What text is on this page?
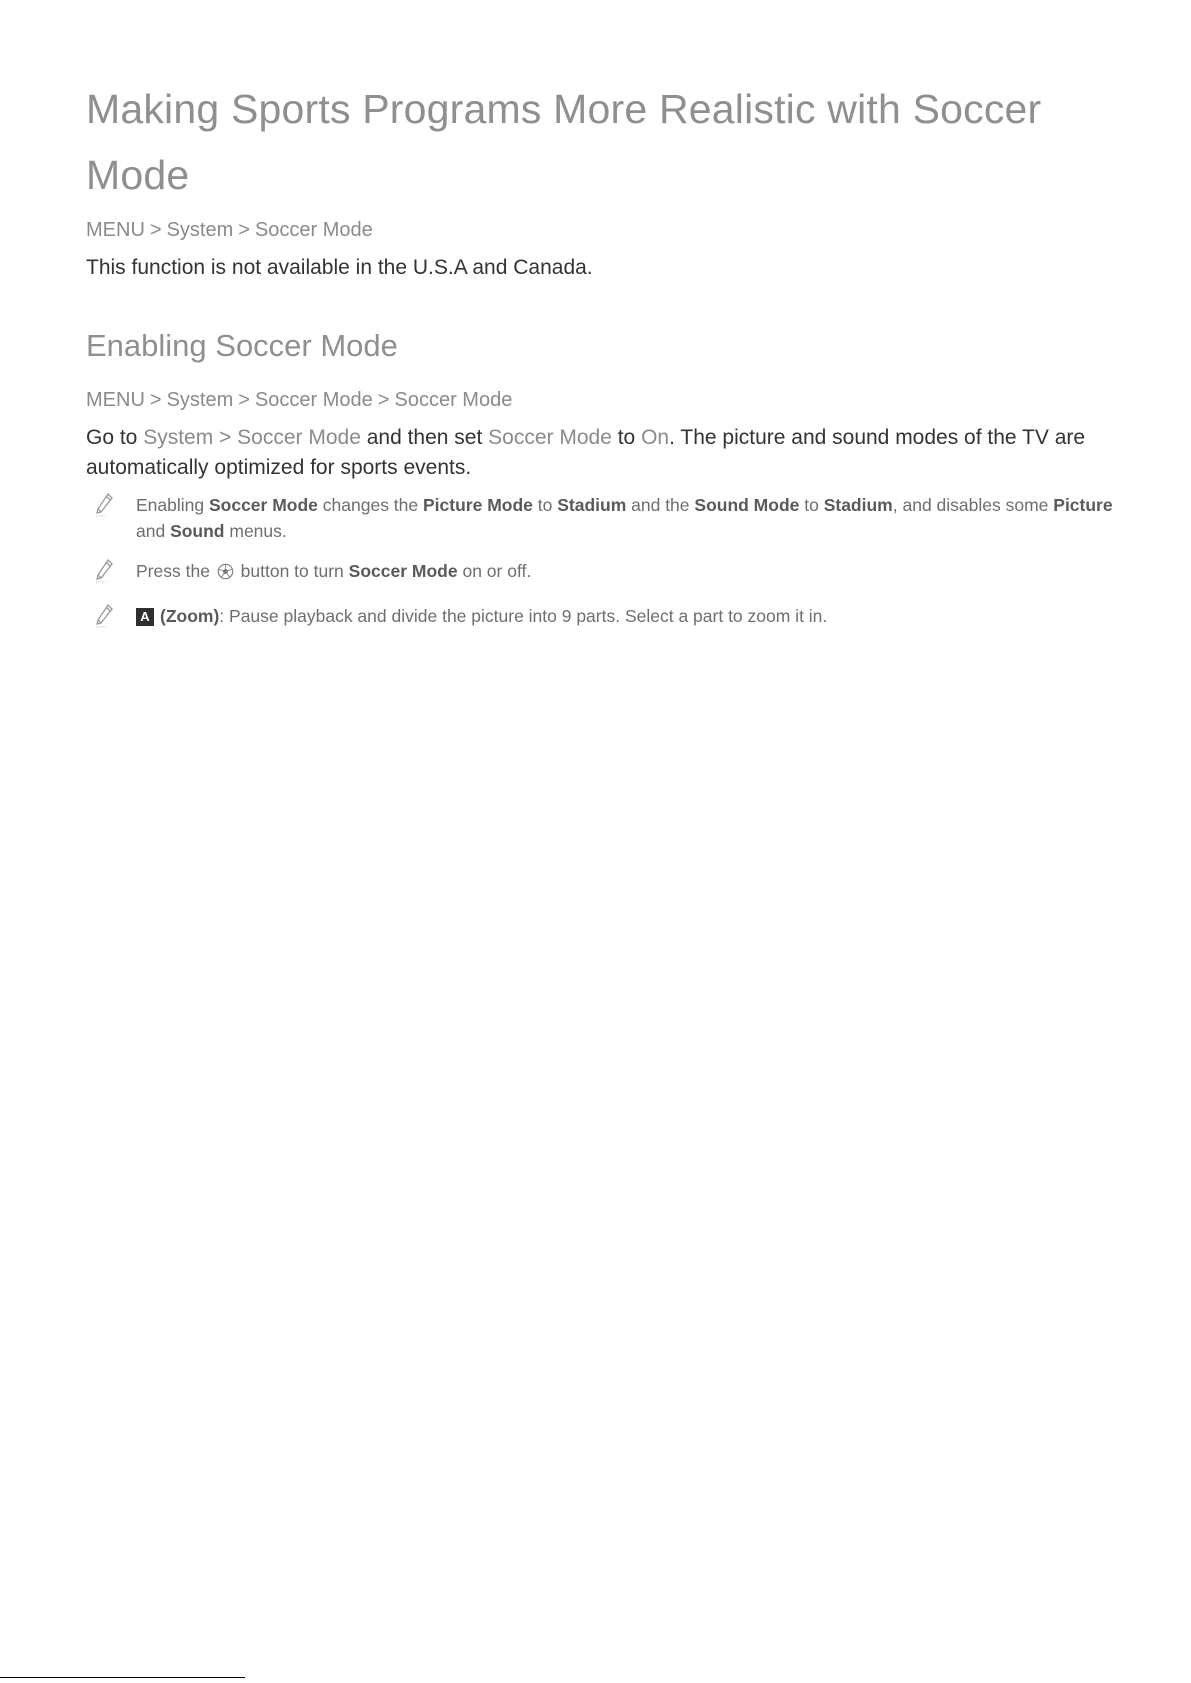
Making Sports Programs More Realistic with Soccer Mode
MENU > System > Soccer Mode

This function is not available in the U.S.A and Canada.

Enabling Soccer Mode
MENU > System > Soccer Mode > Soccer Mode

Go to System > Soccer Mode and then set Soccer Mode to On. The picture and sound modes of the TV are automatically optimized for sports events.

Enabling Soccer Mode changes the Picture Mode to Stadium and the Sound Mode to Stadium, and disables some Picture and Sound menus.

Press the  button to turn Soccer Mode on or off.

A (Zoom): Pause playback and divide the picture into 9 parts. Select a part to zoom it in.
